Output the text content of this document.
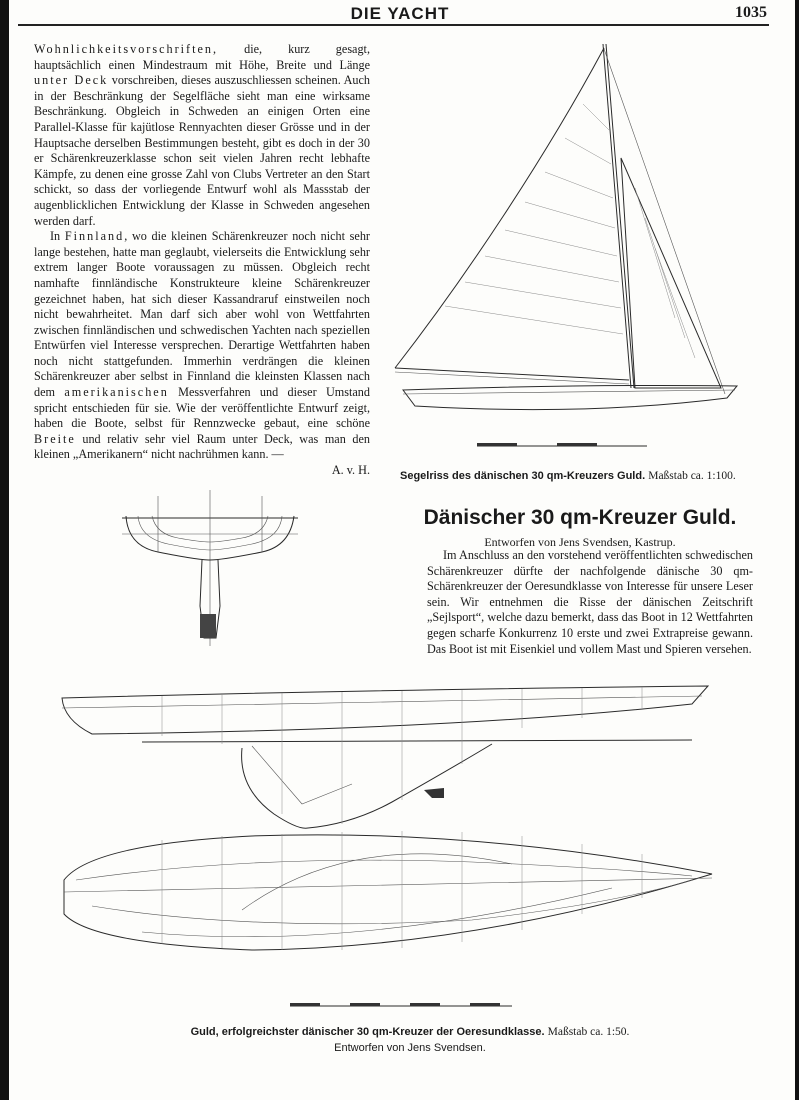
DIE YACHT	1035

Wohnlichkeitsvorschriften, die, kurz gesagt, hauptsächlich einen Mindestraum mit Höhe, Breite und Länge unter Deck vorschreiben, dieses auszuschliessen scheinen. Auch in der Beschränkung der Segelfläche sieht man eine wirksame Beschränkung. Obgleich in Schweden an einigen Orten eine Parallel-Klasse für kajütlose Rennyachten dieser Grösse und in der Hauptsache derselben Bestimmungen besteht, gibt es doch in der 30 er Schärenkreuzerklasse schon seit vielen Jahren recht lebhafte Kämpfe, zu denen eine grosse Zahl von Clubs Vertreter an den Start schickt, so dass der vorliegende Entwurf wohl als Massstab der augenblicklichen Entwicklung der Klasse in Schweden angesehen werden darf.

In Finnland, wo die kleinen Schärenkreuzer noch nicht sehr lange bestehen, hatte man geglaubt, vielerseits die Entwicklung sehr extrem langer Boote voraussagen zu müssen. Obgleich recht namhafte finnländische Konstrukteure kleine Schärenkreuzer gezeichnet haben, hat sich dieser Kassandraruf einstweilen noch nicht bewahrheitet. Man darf sich aber wohl von Wettfahrten zwischen finnländischen und schwedischen Yachten nach speziellen Entwürfen viel Interesse versprechen. Derartige Wettfahrten haben noch nicht stattgefunden. Immerhin verdrängen die kleinen Schärenkreuzer aber selbst in Finnland die kleinsten Klassen nach dem amerikanischen Messverfahren und dieser Umstand spricht entschieden für sie. Wie der veröffentlichte Entwurf zeigt, haben die Boote, selbst für Rennzwecke gebaut, eine schöne Breite und relativ sehr viel Raum unter Deck, was man den kleinen „Amerikanern“ nicht nachrühmen kann. —

A. v. H.	Segelriss des dänischen 30 qm-Kreuzers Guld. Maßstab ca. 1:100.
Dänischer 30 qm-Kreuzer Guld.
Entworfen von Jens Svendsen, Kastrup.

Im Anschluss an den vorstehend veröffentlichten schwedischen Schärenkreuzer dürfte der nachfolgende dänische 30 qm-Schärenkreuzer der Oeresundklasse von Interesse für unsere Leser sein. Wir entnehmen die Risse der dänischen Zeitschrift „Sejlsport“, welche dazu bemerkt, dass das Boot in 12 Wettfahrten gegen scharfe Konkurrenz 10 erste und zwei Extrapreise gewann. Das Boot ist mit Eisenkiel und vollem Mast und Spieren versehen.

Guld, erfolgreichster dänischer 30 qm-Kreuzer der Oeresundklasse. Maßstab ca. 1:50.
Entworfen von Jens Svendsen.
